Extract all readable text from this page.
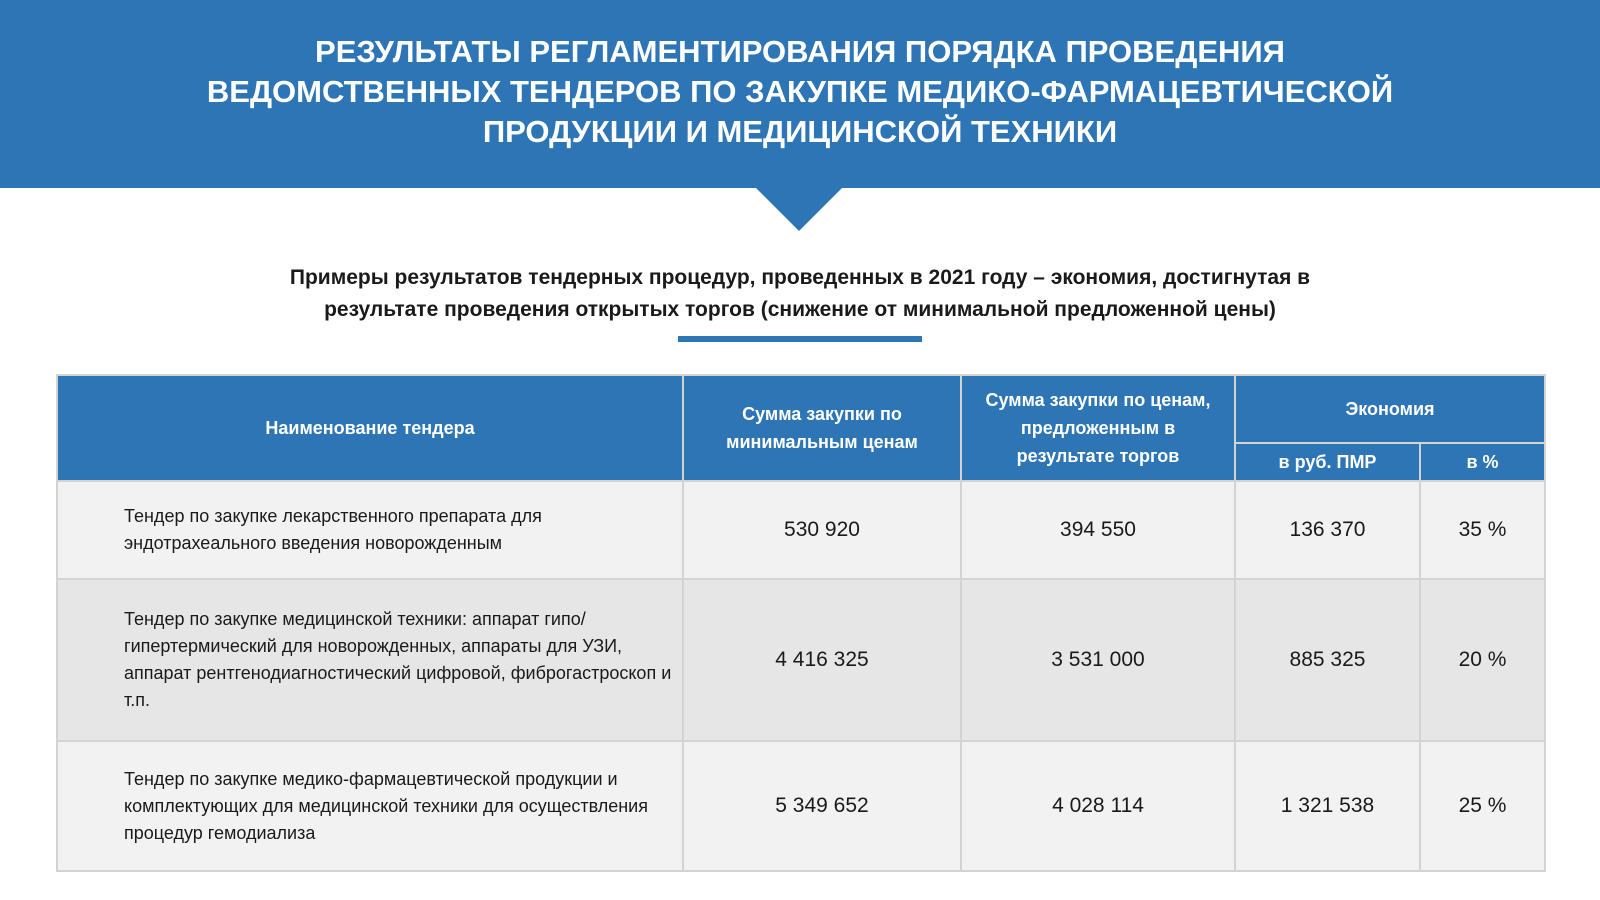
РЕЗУЛЬТАТЫ РЕГЛАМЕНТИРОВАНИЯ ПОРЯДКА ПРОВЕДЕНИЯ
ВЕДОМСТВЕННЫХ ТЕНДЕРОВ ПО ЗАКУПКЕ МЕДИКО-ФАРМАЦЕВТИЧЕСКОЙ
ПРОДУКЦИИ И МЕДИЦИНСКОЙ ТЕХНИКИ

Примеры результатов тендерных процедур, проведенных в 2021 году – экономия, достигнутая в
результате проведения открытых торгов (снижение от минимальной предложенной цены)

Наименование тендера	Сумма закупки по минимальным ценам	Сумма закупки по ценам, предложенным в результате торгов	Экономия	

			в руб. ПМР	в %

Тендер по закупке лекарственного препарата для эндотрахеального введения новорожденным	530 920	394 550	136 370	35 %
Тендер по закупке медицинской техники: аппарат гипо/гипертермический для новорожденных, аппараты для УЗИ, аппарат рентгенодиагностический цифровой, фиброгастроскоп и т.п.	4 416 325	3 531 000	885 325	20 %
Тендер по закупке медико-фармацевтической продукции и комплектующих для медицинской техники для осуществления процедур гемодиализа	5 349 652	4 028 114	1 321 538	25 %
